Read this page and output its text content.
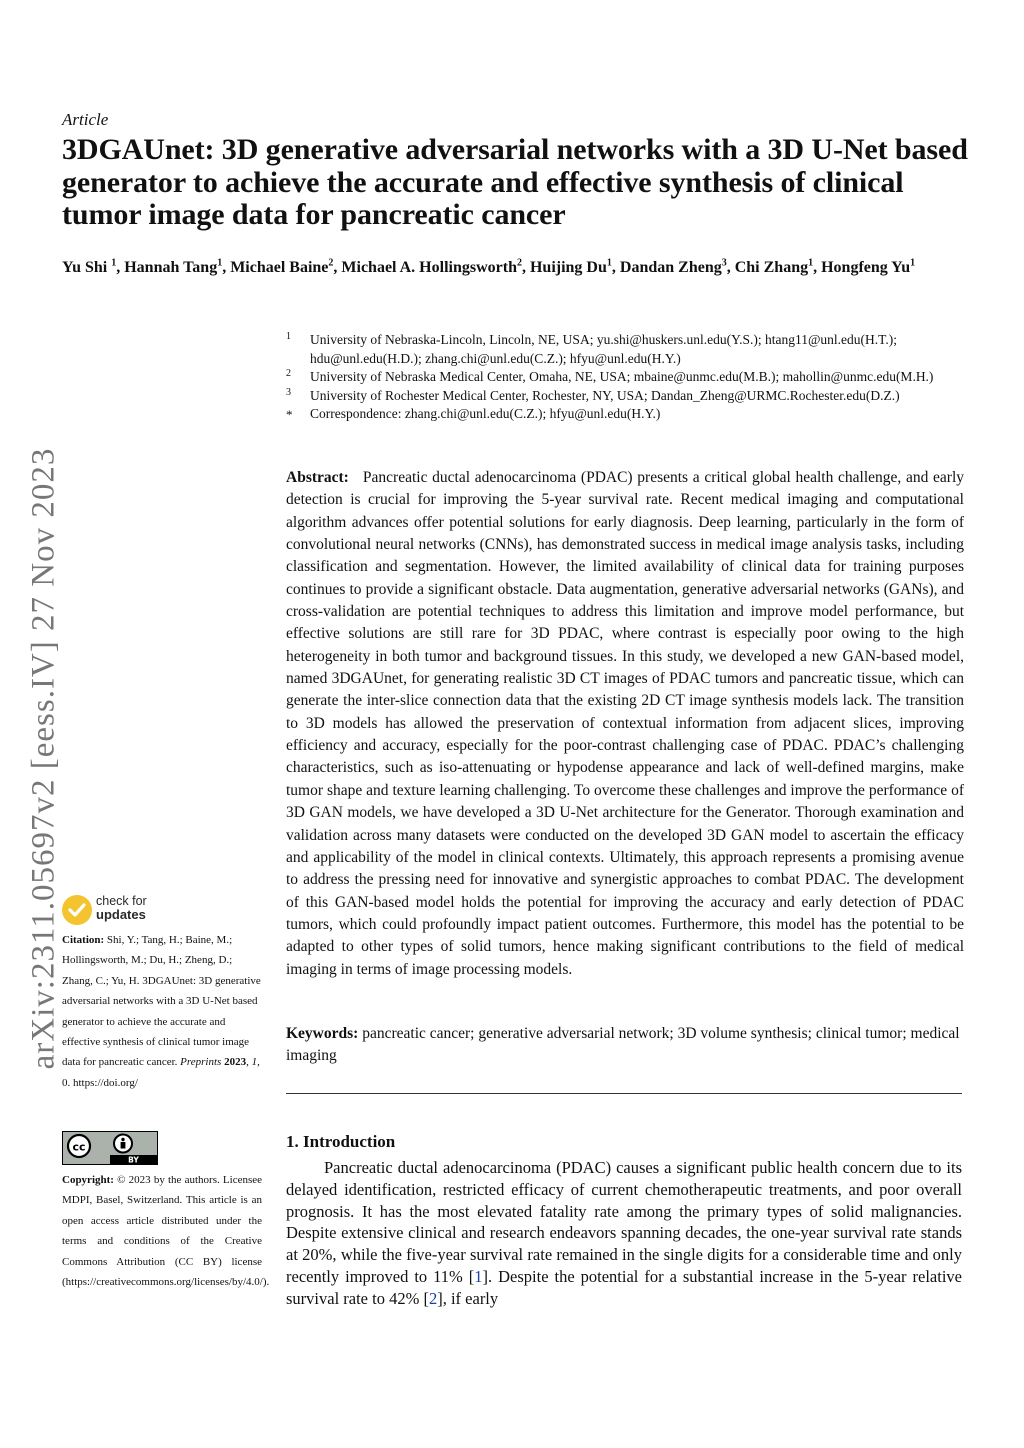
arXiv:2311.05697v2 [eess.IV] 27 Nov 2023
Article
3DGAUnet: 3D generative adversarial networks with a 3D U-Net based generator to achieve the accurate and effective synthesis of clinical tumor image data for pancreatic cancer
Yu Shi $^1$, Hannah Tang$^1$, Michael Baine$^2$, Michael A. Hollingsworth$^2$, Huijing Du$^1$, Dandan Zheng$^3$, Chi Zhang$^1$, Hongfeng Yu$^1$
1 University of Nebraska-Lincoln, Lincoln, NE, USA; yu.shi@huskers.unl.edu(Y.S.); htang11@unl.edu(H.T.); hdu@unl.edu(H.D.); zhang.chi@unl.edu(C.Z.); hfyu@unl.edu(H.Y.)
2 University of Nebraska Medical Center, Omaha, NE, USA; mbaine@unmc.edu(M.B.); mahollin@unmc.edu(M.H.)
3 University of Rochester Medical Center, Rochester, NY, USA; Dandan_Zheng@URMC.Rochester.edu(D.Z.)
* Correspondence: zhang.chi@unl.edu(C.Z.); hfyu@unl.edu(H.Y.)
Abstract: Pancreatic ductal adenocarcinoma (PDAC) presents a critical global health challenge, and early detection is crucial for improving the 5-year survival rate. Recent medical imaging and computational algorithm advances offer potential solutions for early diagnosis. Deep learning, particularly in the form of convolutional neural networks (CNNs), has demonstrated success in medical image analysis tasks, including classification and segmentation. However, the limited availability of clinical data for training purposes continues to provide a significant obstacle. Data augmentation, generative adversarial networks (GANs), and cross-validation are potential techniques to address this limitation and improve model performance, but effective solutions are still rare for 3D PDAC, where contrast is especially poor owing to the high heterogeneity in both tumor and background tissues. In this study, we developed a new GAN-based model, named 3DGAUnet, for generating realistic 3D CT images of PDAC tumors and pancreatic tissue, which can generate the inter-slice connection data that the existing 2D CT image synthesis models lack. The transition to 3D models has allowed the preservation of contextual information from adjacent slices, improving efficiency and accuracy, especially for the poor-contrast challenging case of PDAC. PDAC’s challenging characteristics, such as iso-attenuating or hypodense appearance and lack of well-defined margins, make tumor shape and texture learning challenging. To overcome these challenges and improve the performance of 3D GAN models, we have developed a 3D U-Net architecture for the Generator. Thorough examination and validation across many datasets were conducted on the developed 3D GAN model to ascertain the efficacy and applicability of the model in clinical contexts. Ultimately, this approach represents a promising avenue to address the pressing need for innovative and synergistic approaches to combat PDAC. The development of this GAN-based model holds the potential for improving the accuracy and early detection of PDAC tumors, which could profoundly impact patient outcomes. Furthermore, this model has the potential to be adapted to other types of solid tumors, hence making significant contributions to the field of medical imaging in terms of image processing models.
Keywords: pancreatic cancer; generative adversarial network; 3D volume synthesis; clinical tumor; medical imaging
1. Introduction

Pancreatic ductal adenocarcinoma (PDAC) causes a significant public health concern due to its delayed identification, restricted efficacy of current chemotherapeutic treatments, and poor overall prognosis. It has the most elevated fatality rate among the primary types of solid malignancies. Despite extensive clinical and research endeavors spanning decades, the one-year survival rate stands at 20%, while the five-year survival rate remained in the single digits for a considerable time and only recently improved to 11% [1]. Despite the potential for a substantial increase in the 5-year relative survival rate to 42% [2], if early

check for
updates
Citation: Shi, Y.; Tang, H.; Baine, M.; Hollingsworth, M.; Du, H.; Zheng, D.; Zhang, C.; Yu, H. 3DGAUnet: 3D generative adversarial networks with a 3D U-Net based generator to achieve the accurate and effective synthesis of clinical tumor image data for pancreatic cancer. Preprints 2023, 1, 0. https://doi.org/
cc
BY
Copyright: © 2023 by the authors. Licensee MDPI, Basel, Switzerland. This article is an open access article distributed under the terms and conditions of the Creative Commons Attribution (CC BY) license (https://creativecommons.org/licenses/by/4.0/).
